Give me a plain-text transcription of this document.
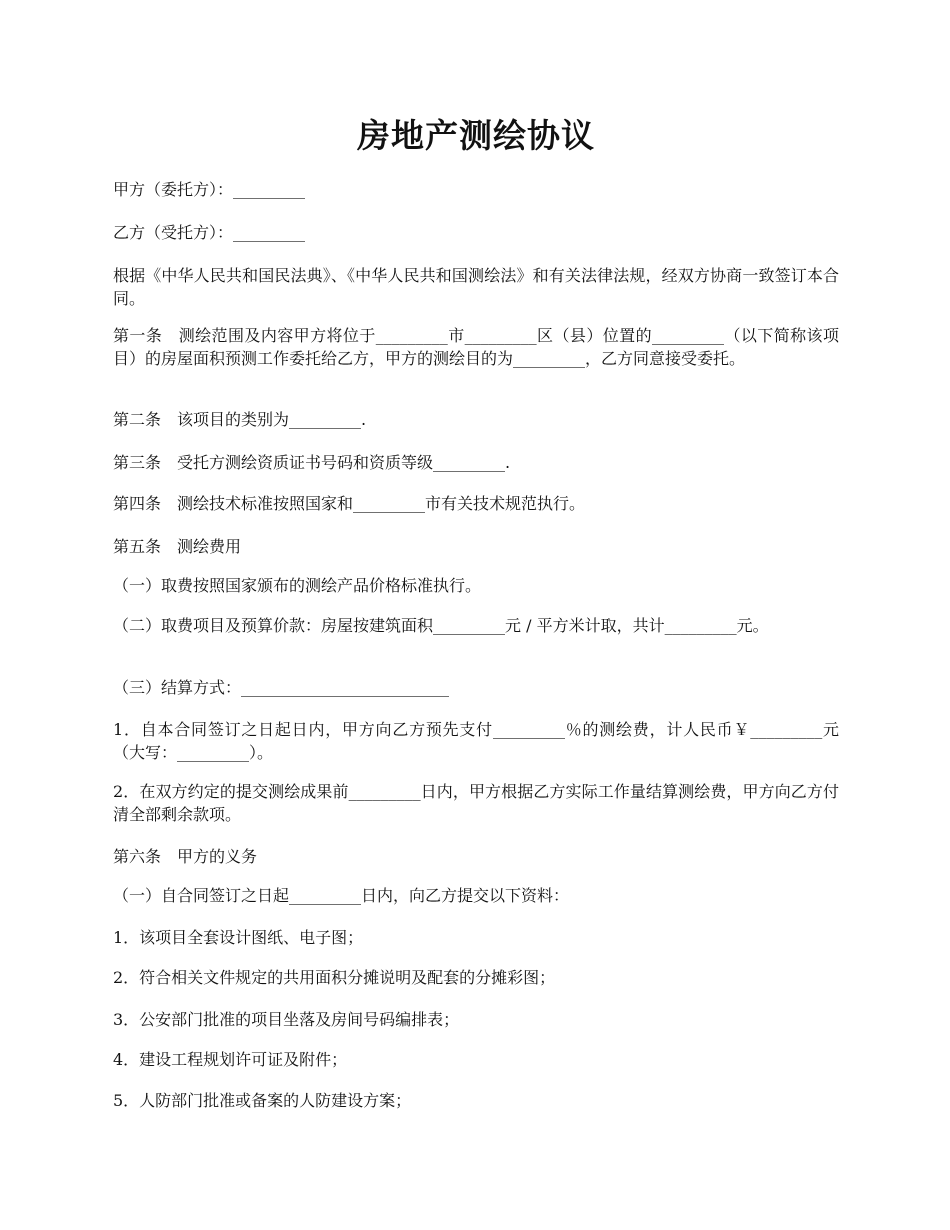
房地产测绘协议

甲方（委托方）：_________

乙方（受托方）：_________

根据《中华人民共和国民法典》、《中华人民共和国测绘法》和有关法律法规，经双方协商一致签订本合同。

第一条　测绘范围及内容甲方将位于_________市_________区（县）位置的_________（以下简称该项目）的房屋面积预测工作委托给乙方，甲方的测绘目的为_________，乙方同意接受委托。

第二条　该项目的类别为_________.

第三条　受托方测绘资质证书号码和资质等级_________.

第四条　测绘技术标准按照国家和_________市有关技术规范执行。

第五条　测绘费用

（一）取费按照国家颁布的测绘产品价格标准执行。

（二）取费项目及预算价款：房屋按建筑面积_________元 / 平方米计取，共计_________元。

（三）结算方式：__________________________

1．自本合同签订之日起日内，甲方向乙方预先支付_________％的测绘费，计人民币￥_________元（大写：_________）。

2．在双方约定的提交测绘成果前_________日内，甲方根据乙方实际工作量结算测绘费，甲方向乙方付清全部剩余款项。

第六条　甲方的义务

（一）自合同签订之日起_________日内，向乙方提交以下资料：

1．该项目全套设计图纸、电子图；

2．符合相关文件规定的共用面积分摊说明及配套的分摊彩图；

3．公安部门批准的项目坐落及房间号码编排表；

4．建设工程规划许可证及附件；

5．人防部门批准或备案的人防建设方案；
